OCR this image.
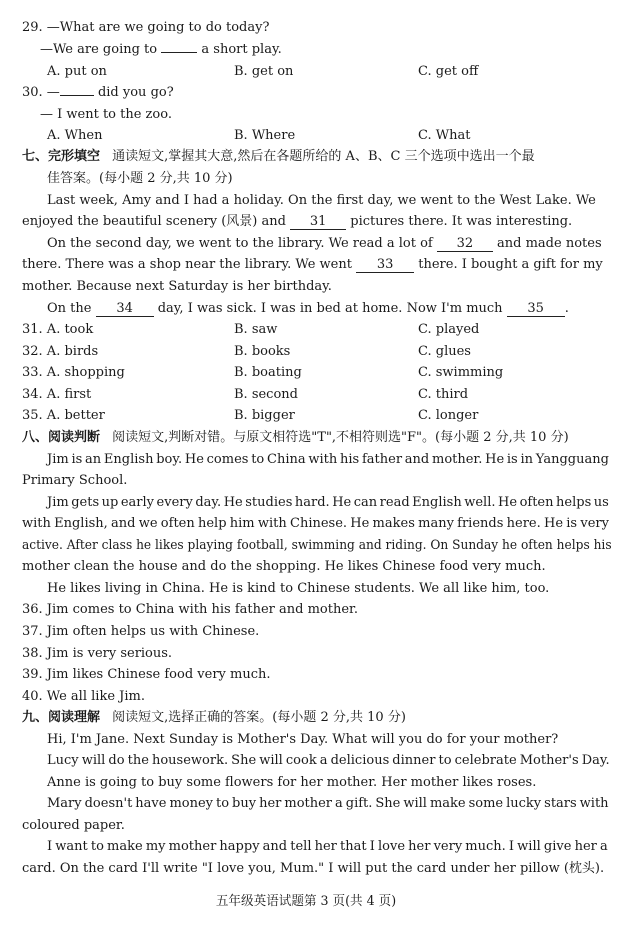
29. —What are we going to do today?
—We are going to	a short play.
A. put on	B. get on	C. get off
30. —	did you go?
— I went to the zoo.
A. When	B. Where	C. What
七、完形填空 通读短文,掌握其大意,然后在各题所给的 A、B、C 三个选项中选出一个最
佳答案。(每小题 2 分,共 10 分)
Last week, Amy and I had a holiday. On the first day, we went to the West Lake. We
enjoyed the beautiful scenery (风景) and 31 pictures there. It was interesting.
On the second day, we went to the library. We read a lot of 32 and made notes
there. There was a shop near the library. We went 33 there. I bought a gift for my
mother. Because next Saturday is her birthday.
On the 34 day, I was sick. I was in bed at home. Now I'm much 35 .
31. A. took	B. saw	C. played
32. A. birds	B. books	C. glues
33. A. shopping	B. boating	C. swimming
34. A. first	B. second	C. third
35. A. better	B. bigger	C. longer
八、阅读判断 阅读短文,判断对错。与原文相符选"T",不相符则选"F"。(每小题 2 分,共 10 分)
Jim is an English boy. He comes to China with his father and mother. He is in Yangguang
Primary School.
Jim gets up early every day. He studies hard. He can read English well. He often helps us
with English, and we often help him with Chinese. He makes many friends here. He is very
active. After class he likes playing football, swimming and riding. On Sunday he often helps his
mother clean the house and do the shopping. He likes Chinese food very much.
He likes living in China. He is kind to Chinese students. We all like him, too.
36. Jim comes to China with his father and mother.
37. Jim often helps us with Chinese.
38. Jim is very serious.
39. Jim likes Chinese food very much.
40. We all like Jim.
九、阅读理解 阅读短文,选择正确的答案。(每小题 2 分,共 10 分)
Hi, I'm Jane. Next Sunday is Mother's Day. What will you do for your mother?
Lucy will do the housework. She will cook a delicious dinner to celebrate Mother's Day.
Anne is going to buy some flowers for her mother. Her mother likes roses.
Mary doesn't have money to buy her mother a gift. She will make some lucky stars with
coloured paper.
I want to make my mother happy and tell her that I love her very much. I will give her a
card. On the card I'll write "I love you, Mum." I will put the card under her pillow (枕头).
五年级英语试题第 3 页(共 4 页)
